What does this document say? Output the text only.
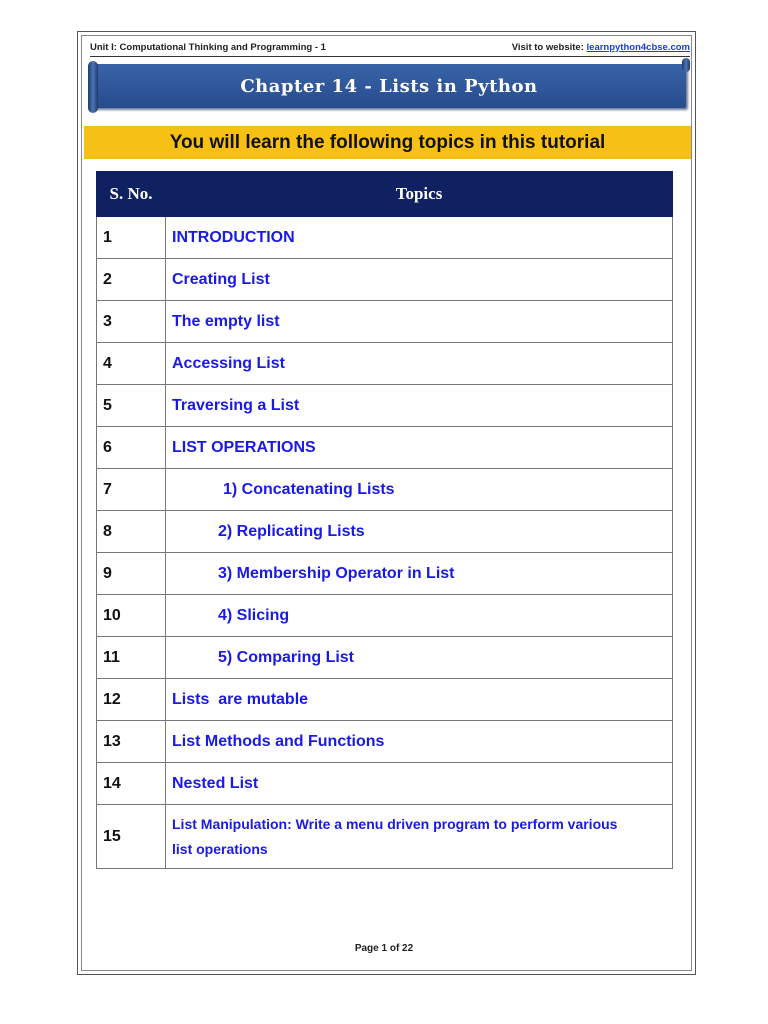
Unit I: Computational Thinking and Programming - 1	Visit to website: learnpython4cbse.com
Chapter 14 - Lists in Python
You will learn the following topics in this tutorial
S. No.	Topics
1	INTRODUCTION
2	Creating List
3	The empty list
4	Accessing List
5	Traversing a List
6	LIST OPERATIONS
7	1) Concatenating Lists
8	2) Replicating Lists
9	3) Membership Operator in List
10	4) Slicing
11	5) Comparing List
12	Lists  are mutable
13	List Methods and Functions
14	Nested List
15	List Manipulation: Write a menu driven program to perform various list operations
Page 1 of 22
